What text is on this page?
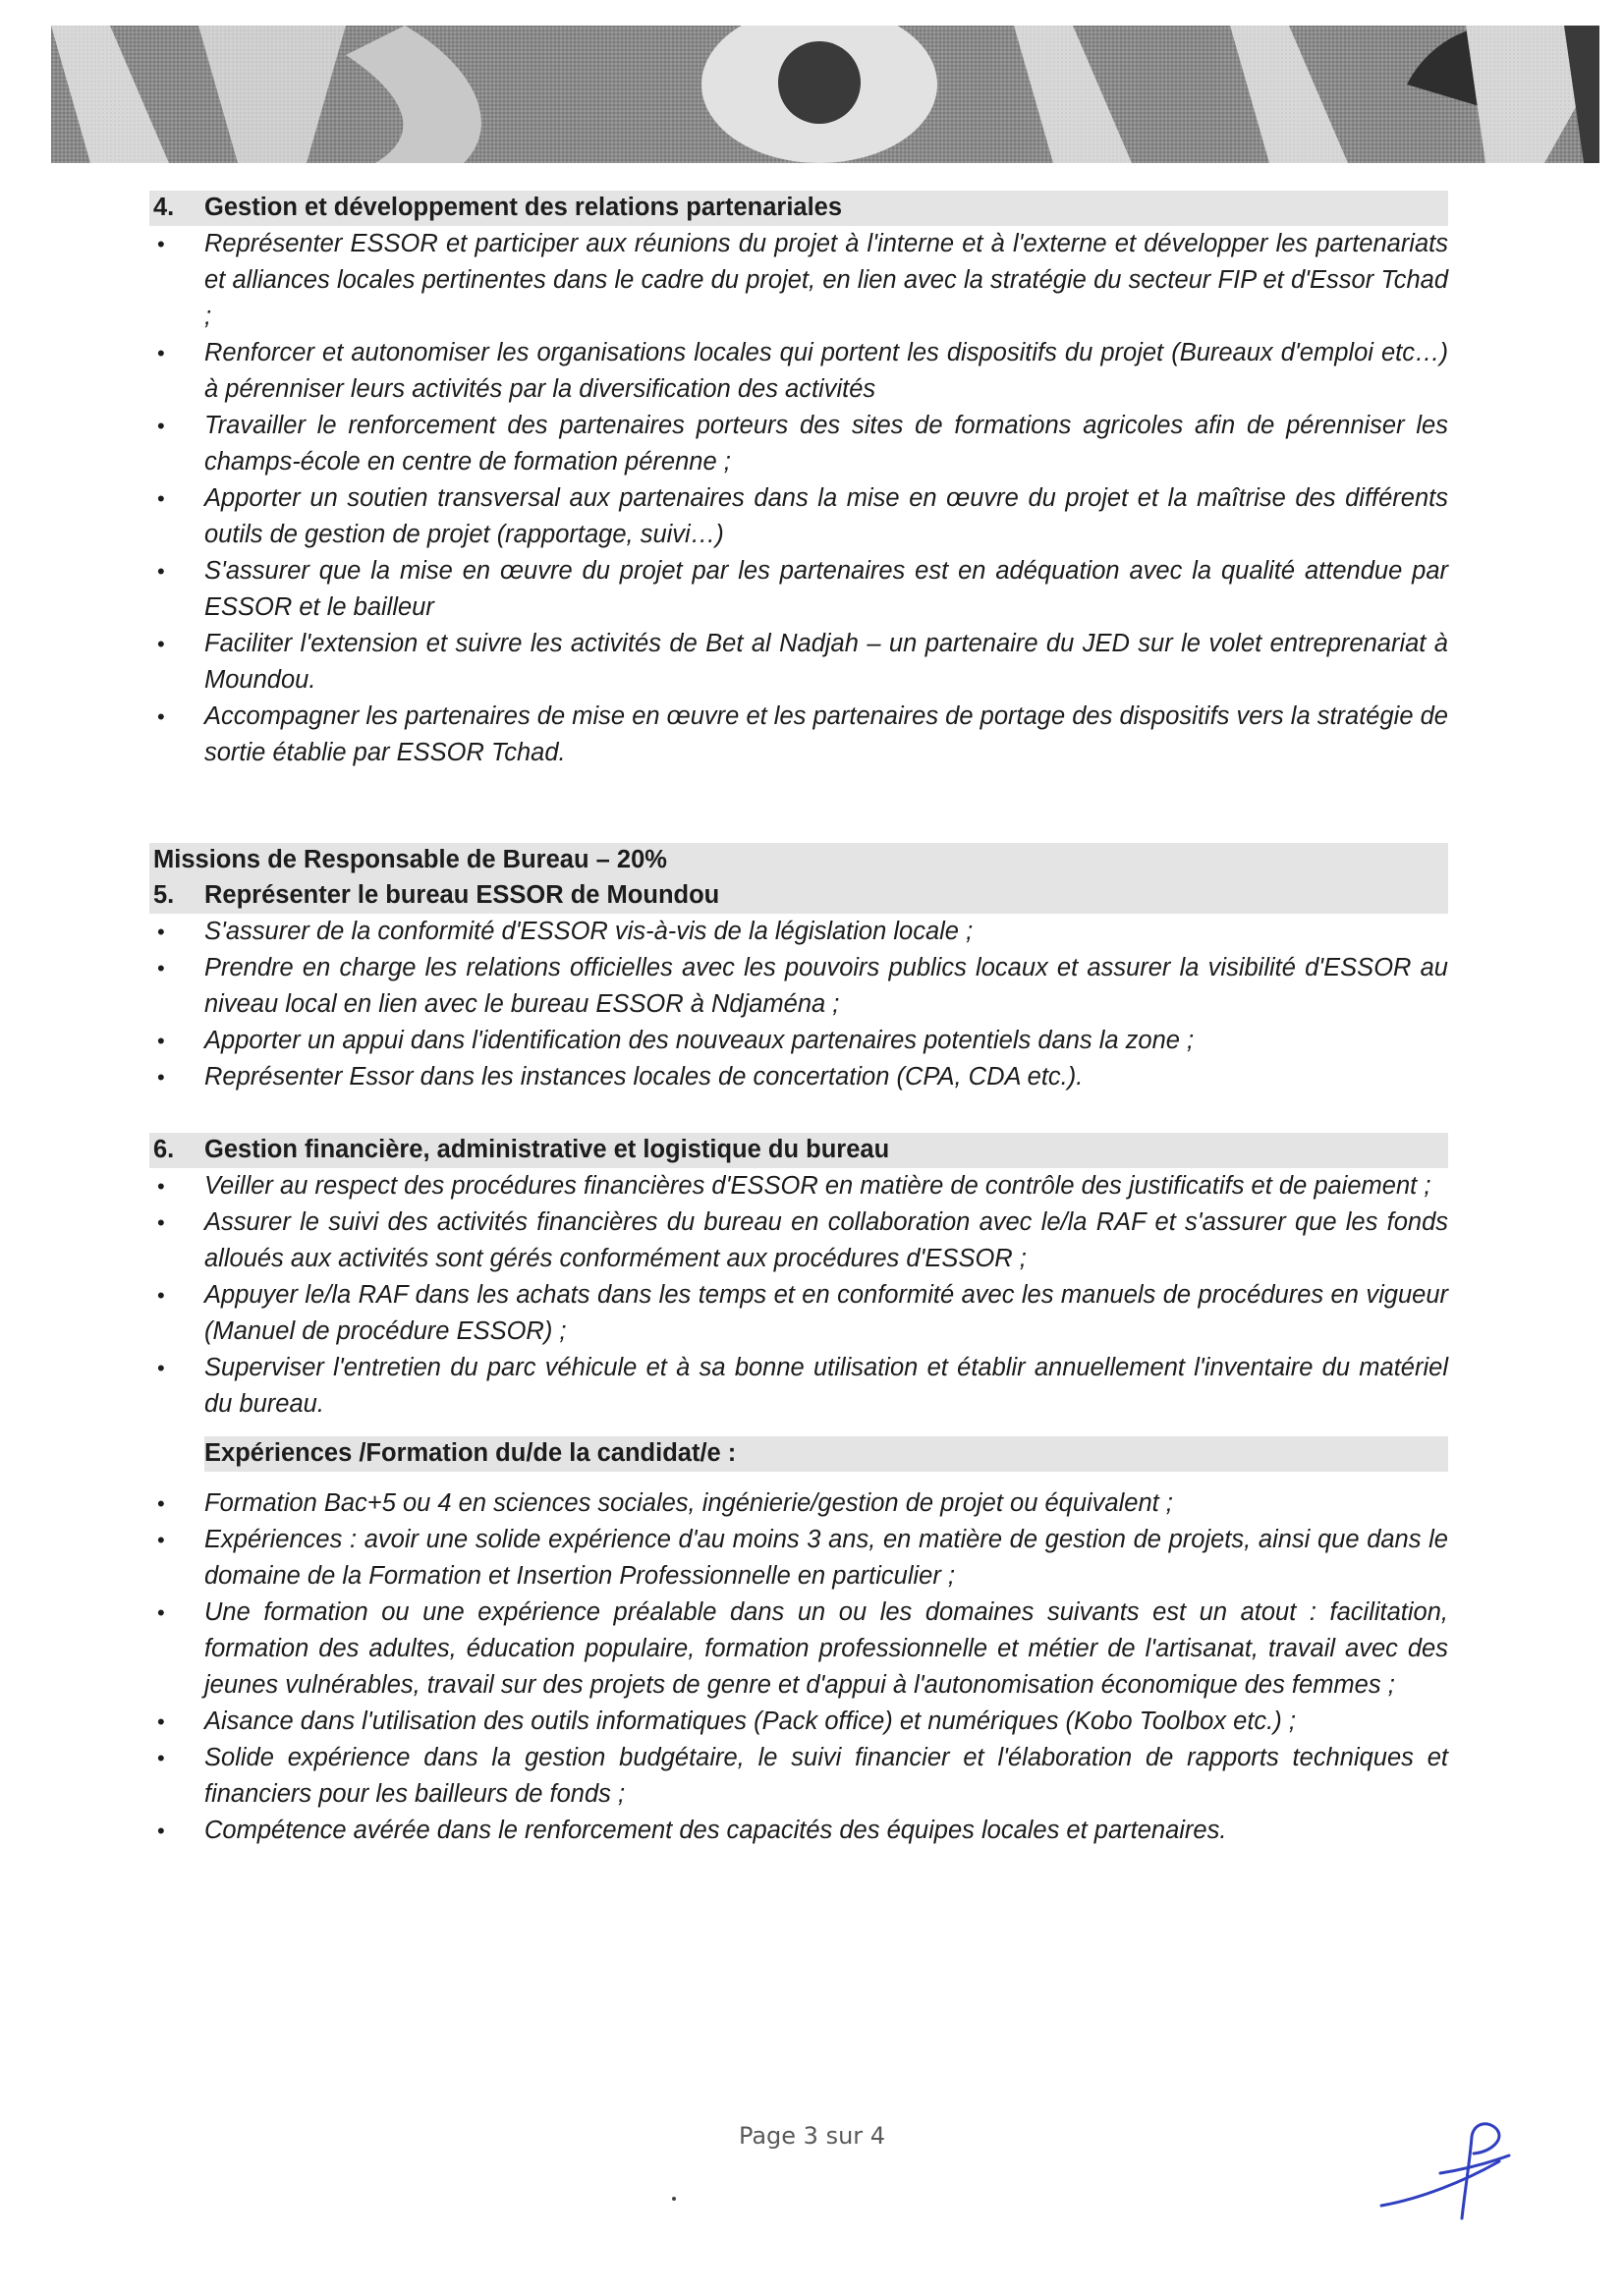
4. Gestion et développement des relations partenariales
• Représenter ESSOR et participer aux réunions du projet à l'interne et à l'externe et développer les partenariats et alliances locales pertinentes dans le cadre du projet, en lien avec la stratégie du secteur FIP et d'Essor Tchad ;
• Renforcer et autonomiser les organisations locales qui portent les dispositifs du projet (Bureaux d'emploi etc…) à pérenniser leurs activités par la diversification des activités
• Travailler le renforcement des partenaires porteurs des sites de formations agricoles afin de pérenniser les champs-école en centre de formation pérenne ;
• Apporter un soutien transversal aux partenaires dans la mise en œuvre du projet et la maîtrise des différents outils de gestion de projet (rapportage, suivi…)
• S'assurer que la mise en œuvre du projet par les partenaires est en adéquation avec la qualité attendue par ESSOR et le bailleur
• Faciliter l'extension et suivre les activités de Bet al Nadjah – un partenaire du JED sur le volet entreprenariat à Moundou.
• Accompagner les partenaires de mise en œuvre et les partenaires de portage des dispositifs vers la stratégie de sortie établie par ESSOR Tchad.
Missions de Responsable de Bureau – 20%
5. Représenter le bureau ESSOR de Moundou
• S'assurer de la conformité d'ESSOR vis-à-vis de la législation locale ;
• Prendre en charge les relations officielles avec les pouvoirs publics locaux et assurer la visibilité d'ESSOR au niveau local en lien avec le bureau ESSOR à Ndjaména ;
• Apporter un appui dans l'identification des nouveaux partenaires potentiels dans la zone ;
• Représenter Essor dans les instances locales de concertation (CPA, CDA etc.).
6. Gestion financière, administrative et logistique du bureau
• Veiller au respect des procédures financières d'ESSOR en matière de contrôle des justificatifs et de paiement ;
• Assurer le suivi des activités financières du bureau en collaboration avec le/la RAF et s'assurer que les fonds alloués aux activités sont gérés conformément aux procédures d'ESSOR ;
• Appuyer le/la RAF dans les achats dans les temps et en conformité avec les manuels de procédures en vigueur (Manuel de procédure ESSOR) ;
• Superviser l'entretien du parc véhicule et à sa bonne utilisation et établir annuellement l'inventaire du matériel du bureau.
Expériences /Formation du/de la candidat/e :
• Formation Bac+5 ou 4 en sciences sociales, ingénierie/gestion de projet ou équivalent ;
• Expériences : avoir une solide expérience d'au moins 3 ans, en matière de gestion de projets, ainsi que dans le domaine de la Formation et Insertion Professionnelle en particulier ;
• Une formation ou une expérience préalable dans un ou les domaines suivants est un atout : facilitation, formation des adultes, éducation populaire, formation professionnelle et métier de l'artisanat, travail avec des jeunes vulnérables, travail sur des projets de genre et d'appui à l'autonomisation économique des femmes ;
• Aisance dans l'utilisation des outils informatiques (Pack office) et numériques (Kobo Toolbox etc.) ;
• Solide expérience dans la gestion budgétaire, le suivi financier et l'élaboration de rapports techniques et financiers pour les bailleurs de fonds ;
• Compétence avérée dans le renforcement des capacités des équipes locales et partenaires.
Page 3 sur 4
